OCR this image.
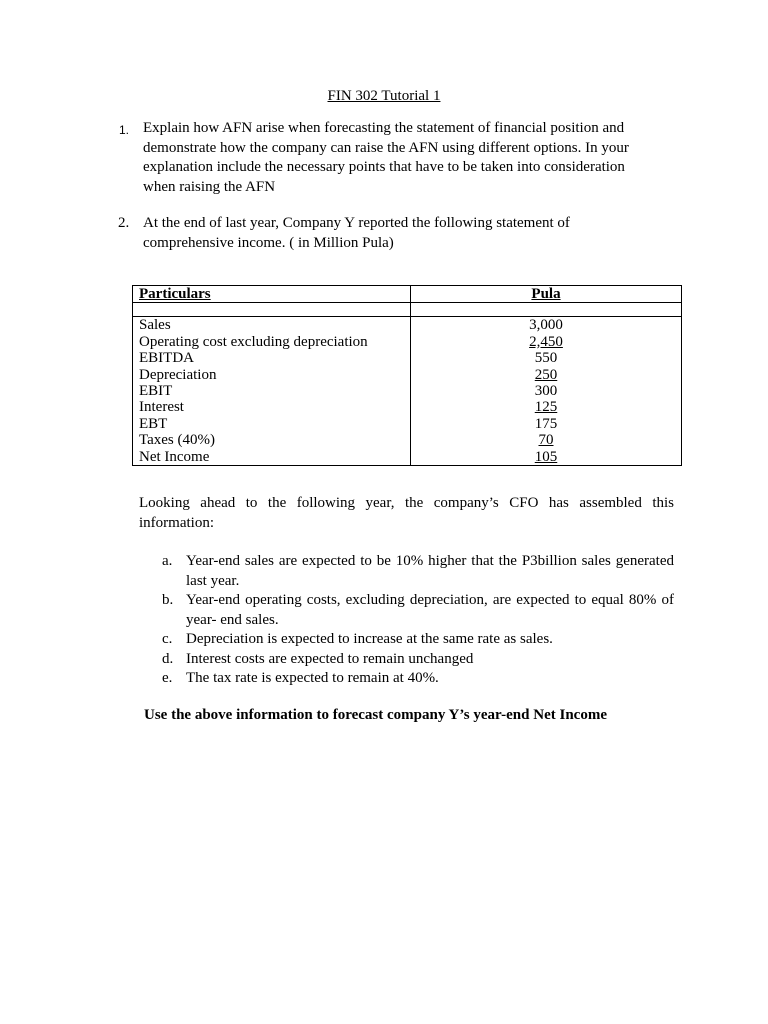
FIN 302 Tutorial 1
1. Explain how AFN arise when forecasting the statement of financial position and demonstrate how the company can raise the AFN using different options. In your explanation include the necessary points that have to be taken into consideration when raising the AFN
2. At the end of last year, Company Y reported the following statement of comprehensive income. ( in Million Pula)
Particulars	Pula

Sales	3,000
Operating cost excluding depreciation	2,450
EBITDA	550
Depreciation	250
EBIT	300
Interest	125
EBT	175
Taxes (40%)	70
Net Income	105
Looking ahead to the following year, the company’s CFO has assembled this information:
a. Year-end sales are expected to be 10% higher that the P3billion sales generated last year.
b. Year-end operating costs, excluding depreciation, are expected to equal 80% of year- end sales.
c. Depreciation is expected to increase at the same rate as sales.
d. Interest costs are expected to remain unchanged
e. The tax rate is expected to remain at 40%.
Use the above information to forecast company Y’s year-end Net Income
